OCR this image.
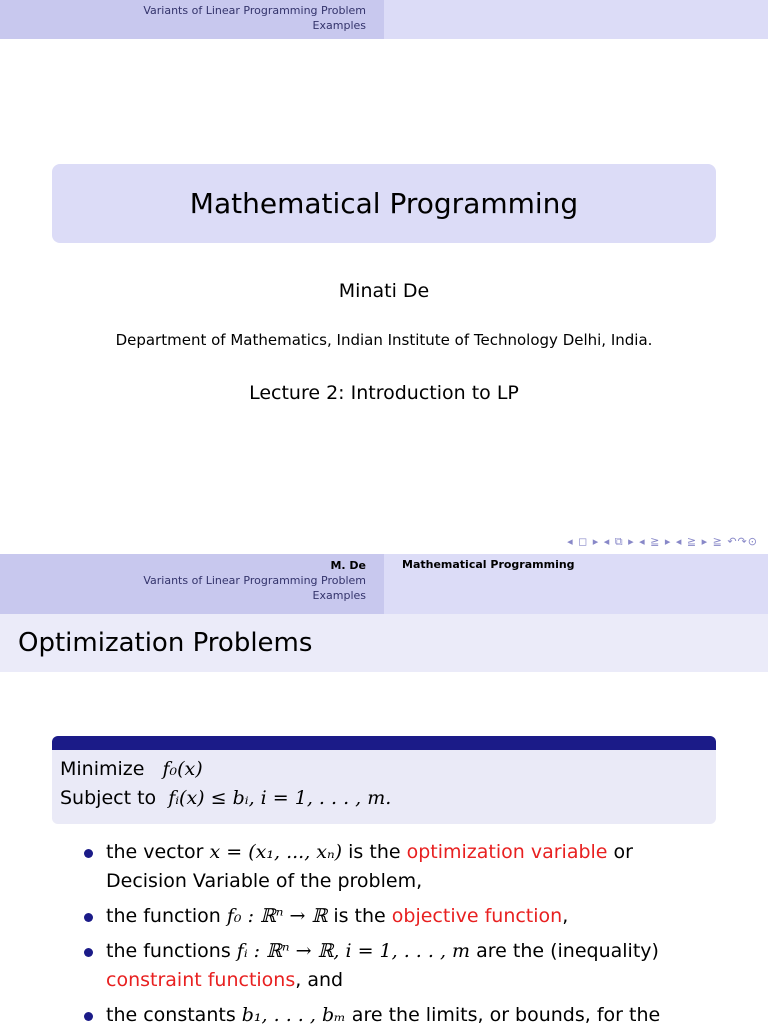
Variants of Linear Programming Problem
Examples
Mathematical Programming
Minati De
Department of Mathematics, Indian Institute of Technology Delhi, India.
Lecture 2: Introduction to LP
◂ ◻ ▸ ◂ ⧉ ▸ ◂ ≧ ▸ ◂ ≧ ▸ ≧ ↶↷⊙
M. De
Variants of Linear Programming Problem
Examples
Mathematical Programming
Optimization Problems
Minimize f₀(x)
Subject to fᵢ(x) ≤ bᵢ, i = 1, . . . , m.
the vector x = (x₁, ..., xₙ) is the optimization variable or Decision Variable of the problem,
the function f₀ : ℝⁿ → ℝ is the objective function,
the functions fᵢ : ℝⁿ → ℝ, i = 1, . . . , m are the (inequality) constraint functions, and
the constants b₁, . . . , bₘ are the limits, or bounds, for the
